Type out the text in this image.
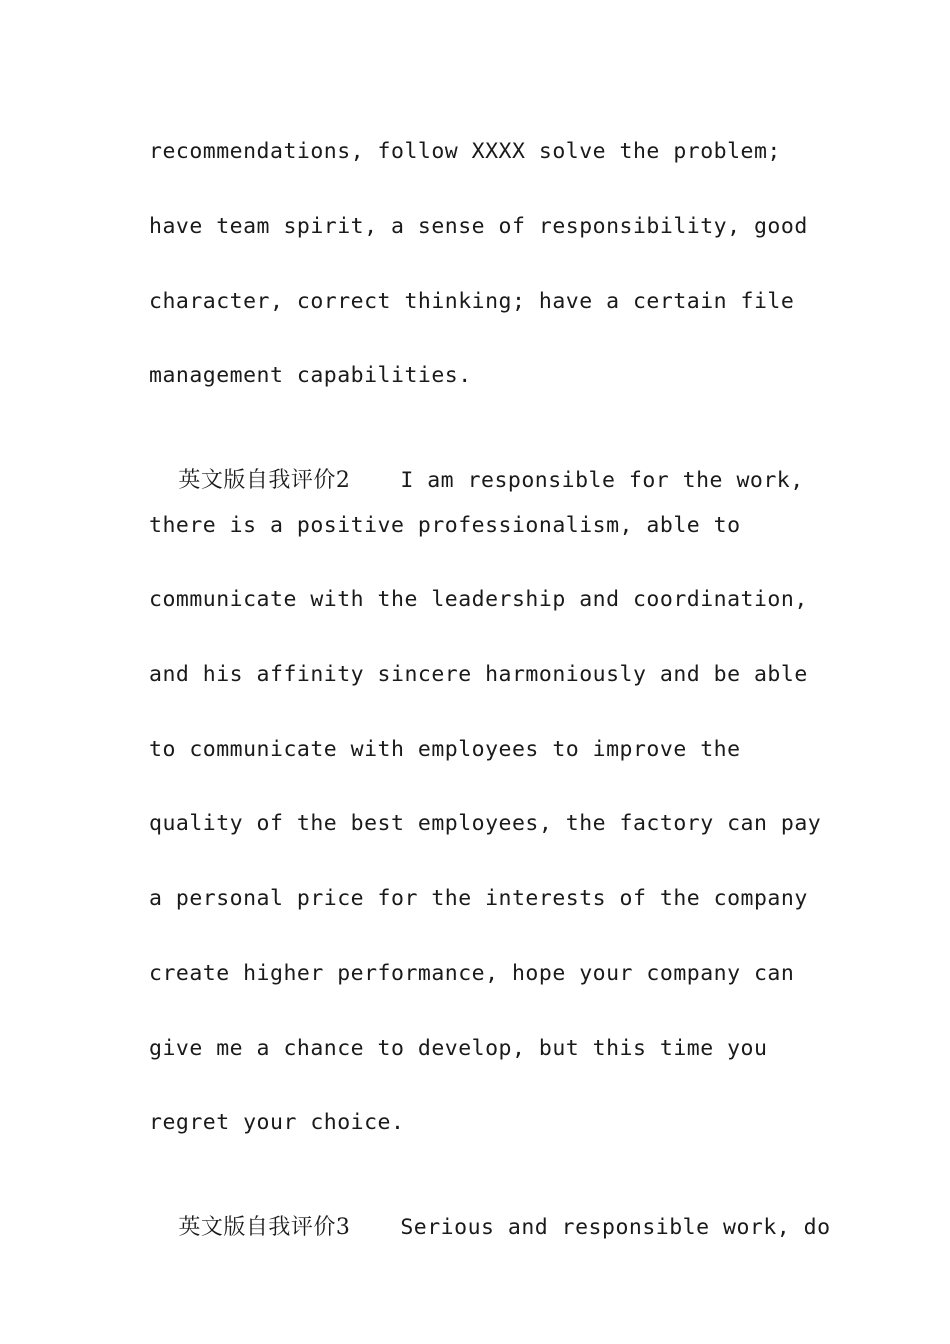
recommendations, follow XXXX solve the problem;
have team spirit, a sense of responsibility, good
character, correct thinking; have a certain file
management capabilities.

英文版自我评价2 I am responsible for the work,

there is a positive professionalism, able to
communicate with the leadership and coordination,
and his affinity sincere harmoniously and be able
to communicate with employees to improve the
quality of the best employees, the factory can pay
a personal price for the interests of the company
create higher performance, hope your company can
give me a chance to develop, but this time you
regret your choice.

英文版自我评价3 Serious and responsible work, do
